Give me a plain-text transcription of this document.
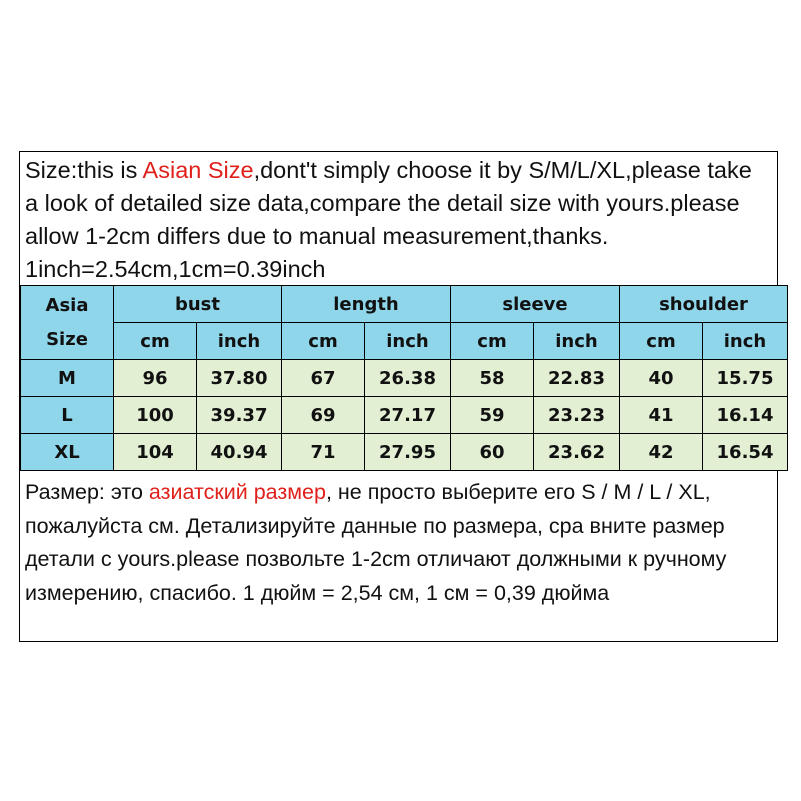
Size:this is Asian Size,dont't simply choose it by S/M/L/XL,please take a look of detailed size data,compare the detail size with yours.please allow 1-2cm differs due to manual measurement,thanks. 1inch=2.54cm,1cm=0.39inch
Asia
Size	bust		length		sleeve		shoulder	
	cm	inch	cm	inch	cm	inch	cm	inch
M	96	37.80	67	26.38	58	22.83	40	15.75
L	100	39.37	69	27.17	59	23.23	41	16.14
XL	104	40.94	71	27.95	60	23.62	42	16.54
Размер: это азиатский размер, не просто выберите его S / M / L / XL, пожалуйста см. Детализируйте данные по размера, сра вните размер детали с yours.please позвольте 1-2cm отличают должными к ручному измерению, спасибо. 1 дюйм = 2,54 см, 1 см = 0,39 дюйма
